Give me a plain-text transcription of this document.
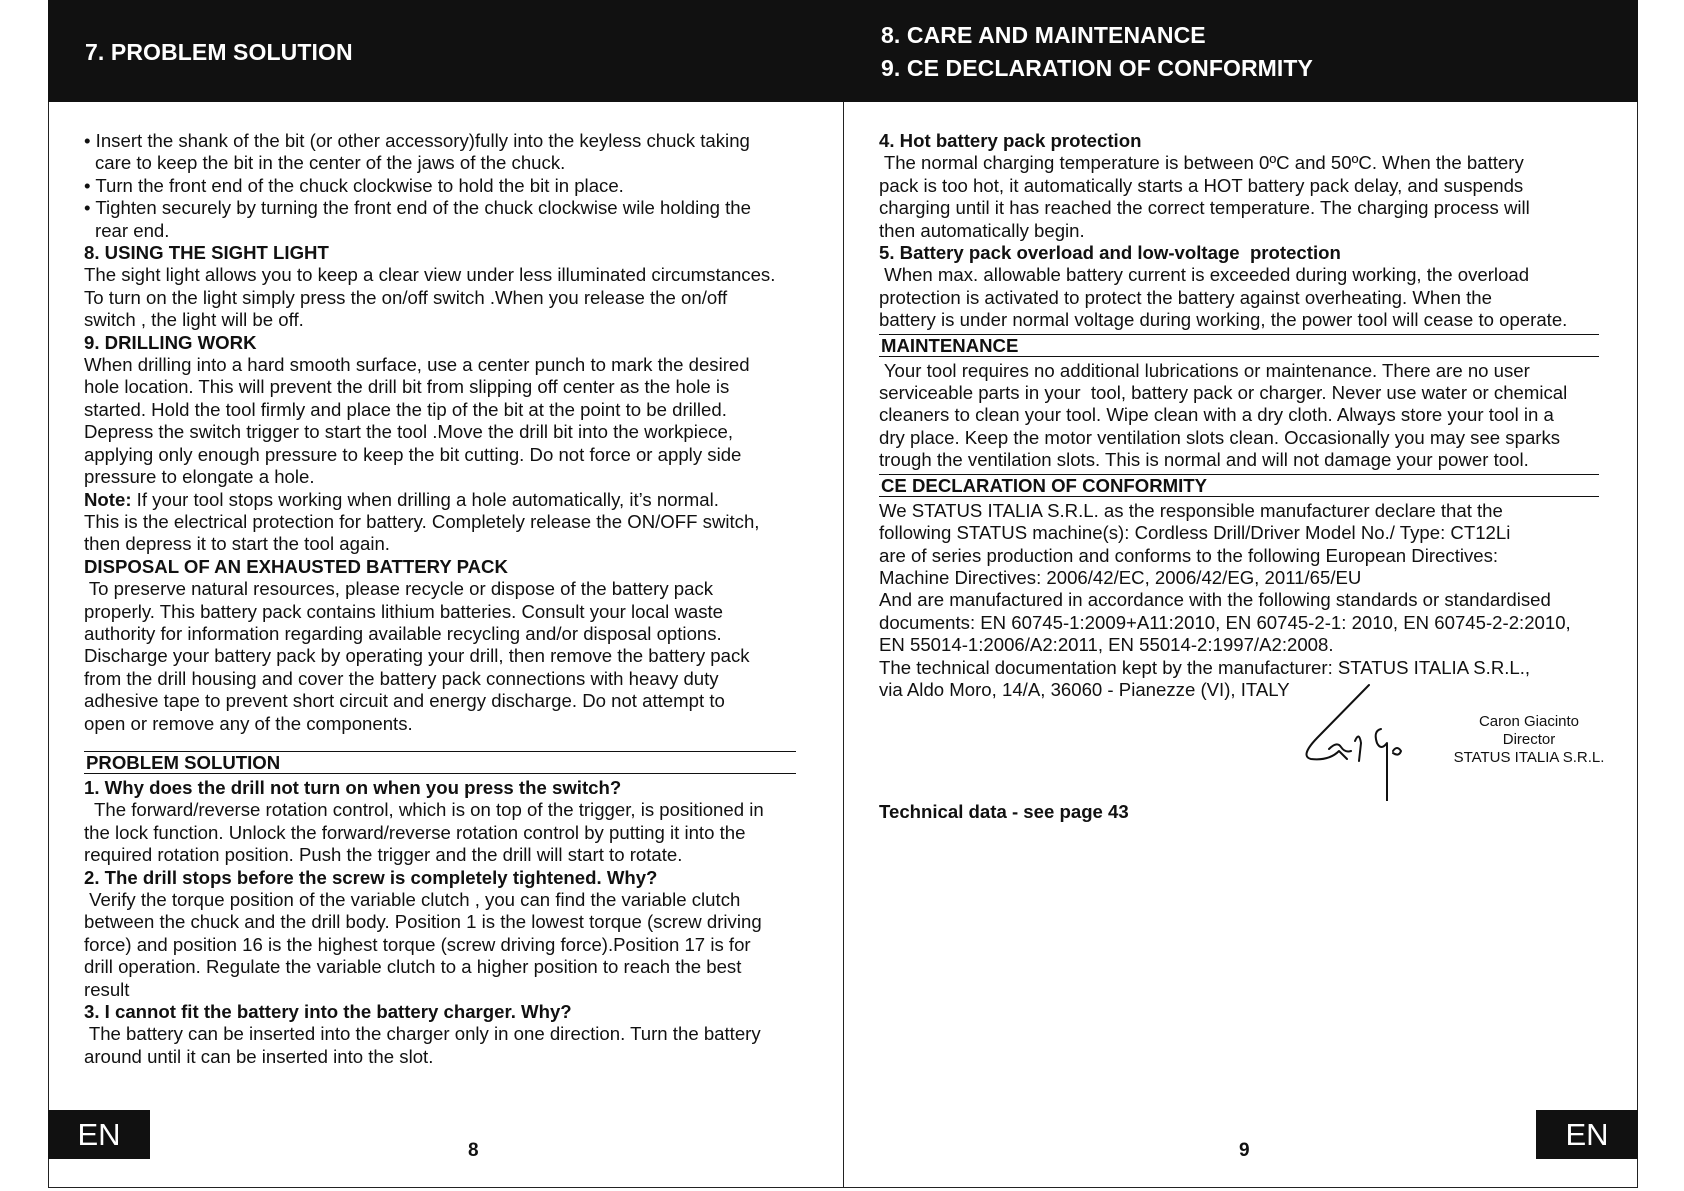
7. PROBLEM SOLUTION
8. CARE AND MAINTENANCE
9. CE DECLARATION OF CONFORMITY

• Insert the shank of the bit (or other accessory)fully into the keyless chuck taking

care to keep the bit in the center of the jaws of the chuck.

• Turn the front end of the chuck clockwise to hold the bit in place.

• Tighten securely by turning the front end of the chuck clockwise wile holding the

rear end.

8. USING THE SIGHT LIGHT

The sight light allows you to keep a clear view under less illuminated circumstances.

To turn on the light simply press the on/off switch .When you release the on/off

switch , the light will be off.

9. DRILLING WORK

When drilling into a hard smooth surface, use a center punch to mark the desired

hole location. This will prevent the drill bit from slipping off center as the hole is

started. Hold the tool firmly and place the tip of the bit at the point to be drilled.

Depress the switch trigger to start the tool .Move the drill bit into the workpiece,

applying only enough pressure to keep the bit cutting. Do not force or apply side

pressure to elongate a hole.

Note: If your tool stops working when drilling a hole automatically, it’s normal.

This is the electrical protection for battery. Completely release the ON/OFF switch,

then depress it to start the tool again.

DISPOSAL OF AN EXHAUSTED BATTERY PACK

To preserve natural resources, please recycle or dispose of the battery pack

properly. This battery pack contains lithium batteries. Consult your local waste

authority for information regarding available recycling and/or disposal options.

Discharge your battery pack by operating your drill, then remove the battery pack

from the drill housing and cover the battery pack connections with heavy duty

adhesive tape to prevent short circuit and energy discharge. Do not attempt to

open or remove any of the components.

PROBLEM SOLUTION

1. Why does the drill not turn on when you press the switch?

The forward/reverse rotation control, which is on top of the trigger, is positioned in

the lock function. Unlock the forward/reverse rotation control by putting it into the

required rotation position. Push the trigger and the drill will start to rotate.

2. The drill stops before the screw is completely tightened. Why?

Verify the torque position of the variable clutch , you can find the variable clutch

between the chuck and the drill body. Position 1 is the lowest torque (screw driving

force) and position 16 is the highest torque (screw driving force).Position 17 is for

drill operation. Regulate the variable clutch to a higher position to reach the best

result

3. I cannot fit the battery into the battery charger. Why?

The battery can be inserted into the charger only in one direction. Turn the battery

around until it can be inserted into the slot.

4. Hot battery pack protection

The normal charging temperature is between 0ºC and 50ºC. When the battery

pack is too hot, it automatically starts a HOT battery pack delay, and suspends

charging until it has reached the correct temperature. The charging process will

then automatically begin.

5. Battery pack overload and low-voltage  protection

When max. allowable battery current is exceeded during working, the overload

protection is activated to protect the battery against overheating. When the

battery is under normal voltage during working, the power tool will cease to operate.

MAINTENANCE

Your tool requires no additional lubrications or maintenance. There are no user

serviceable parts in your  tool, battery pack or charger. Never use water or chemical

cleaners to clean your tool. Wipe clean with a dry cloth. Always store your tool in a

dry place. Keep the motor ventilation slots clean. Occasionally you may see sparks

trough the ventilation slots. This is normal and will not damage your power tool.

CE DECLARATION OF CONFORMITY

We STATUS ITALIA S.R.L. as the responsible manufacturer declare that the

following STATUS machine(s): Cordless Drill/Driver Model No./ Type: CT12Li

are of series production and conforms to the following European Directives:

Machine Directives: 2006/42/EC, 2006/42/EG, 2011/65/EU

And are manufactured in accordance with the following standards or standardised

documents: EN 60745-1:2009+A11:2010, EN 60745-2-1: 2010, EN 60745-2-2:2010,

EN 55014-1:2006/A2:2011, EN 55014-2:1997/A2:2008.

The technical documentation kept by the manufacturer: STATUS ITALIA S.R.L.,

via Aldo Moro, 14/A, 36060 - Pianezze (VI), ITALY

Caron Giacinto
Director
STATUS ITALIA S.R.L.

Technical data - see page 43

EN	8	9	EN
